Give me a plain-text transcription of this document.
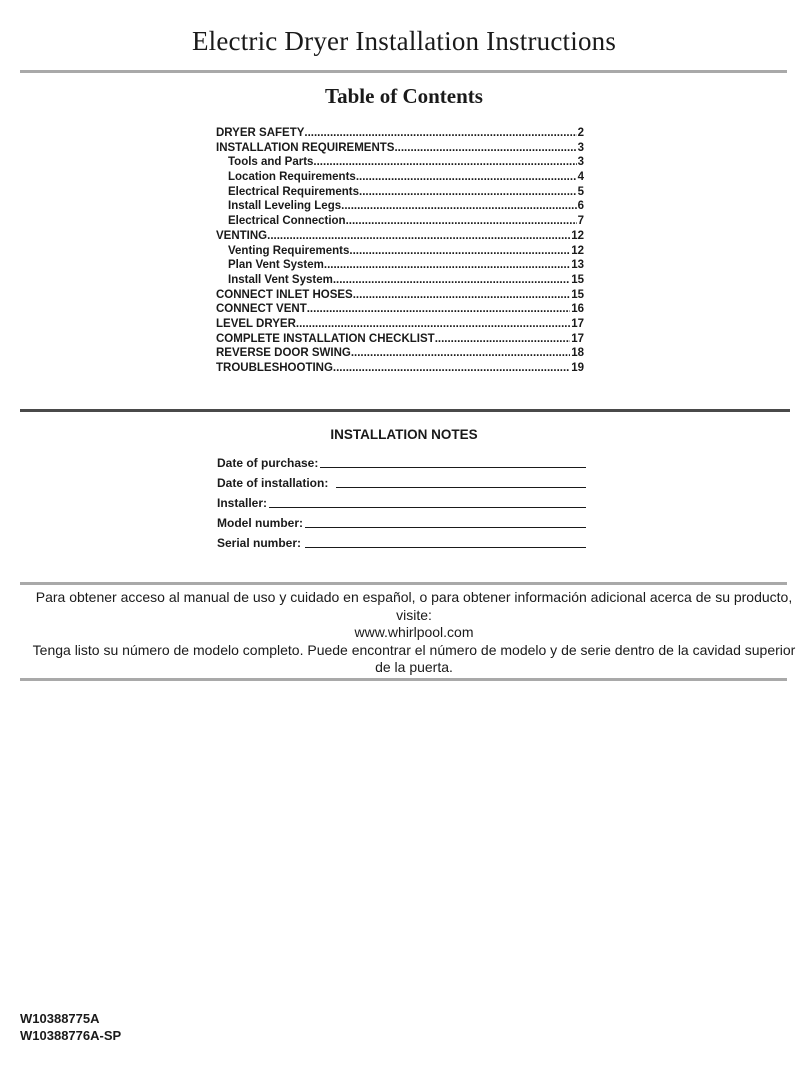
Electric Dryer Installation Instructions
Table of Contents
DRYER SAFETY .....	2
INSTALLATION REQUIREMENTS .....	3
Tools and Parts .....	3
Location Requirements .....	4
Electrical Requirements .....	5
Install Leveling Legs .....	6
Electrical Connection .....	7
VENTING .....	12
Venting Requirements .....	12
Plan Vent System .....	13
Install Vent System .....	15
CONNECT INLET HOSES .....	15
CONNECT VENT .....	16
LEVEL DRYER .....	17
COMPLETE INSTALLATION CHECKLIST .....	17
REVERSE DOOR SWING .....	18
TROUBLESHOOTING .....	19
INSTALLATION NOTES
Date of purchase:
Date of installation:
Installer:
Model number:
Serial number:

Para obtener acceso al manual de uso y cuidado en español, o para obtener información adicional acerca de su producto, visite:

www.whirlpool.com

Tenga listo su número de modelo completo. Puede encontrar el número de modelo y de serie dentro de la cavidad superior de la puerta.

W10388775A
W10388776A-SP
